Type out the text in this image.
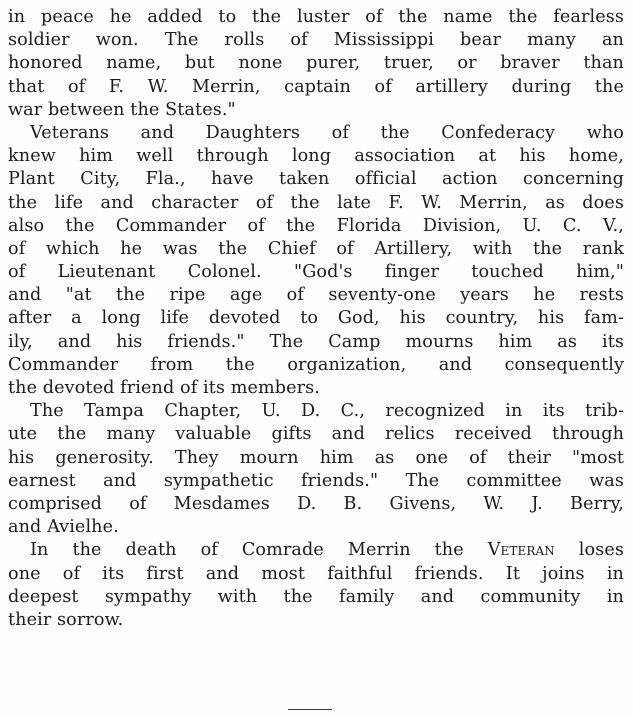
in peace he added to the luster of the name the fearless
soldier won. The rolls of Mississippi bear many an
honored name, but none purer, truer, or braver than
that of F. W. Merrin, captain of artillery during the
war between the States."
Veterans and Daughters of the Confederacy who
knew him well through long association at his home,
Plant City, Fla., have taken official action concerning
the life and character of the late F. W. Merrin, as does
also the Commander of the Florida Division, U. C. V.,
of which he was the Chief of Artillery, with the rank
of Lieutenant Colonel. "God's finger touched him,"
and "at the ripe age of seventy-one years he rests
after a long life devoted to God, his country, his fam-
ily, and his friends." The Camp mourns him as its
Commander from the organization, and consequently
the devoted friend of its members.
The Tampa Chapter, U. D. C., recognized in its trib-
ute the many valuable gifts and relics received through
his generosity. They mourn him as one of their "most
earnest and sympathetic friends." The committee was
comprised of Mesdames D. B. Givens, W. J. Berry,
and Avielhe.
In the death of Comrade Merrin the Veteran loses
one of its first and most faithful friends. It joins in
deepest sympathy with the family and community in
their sorrow.
